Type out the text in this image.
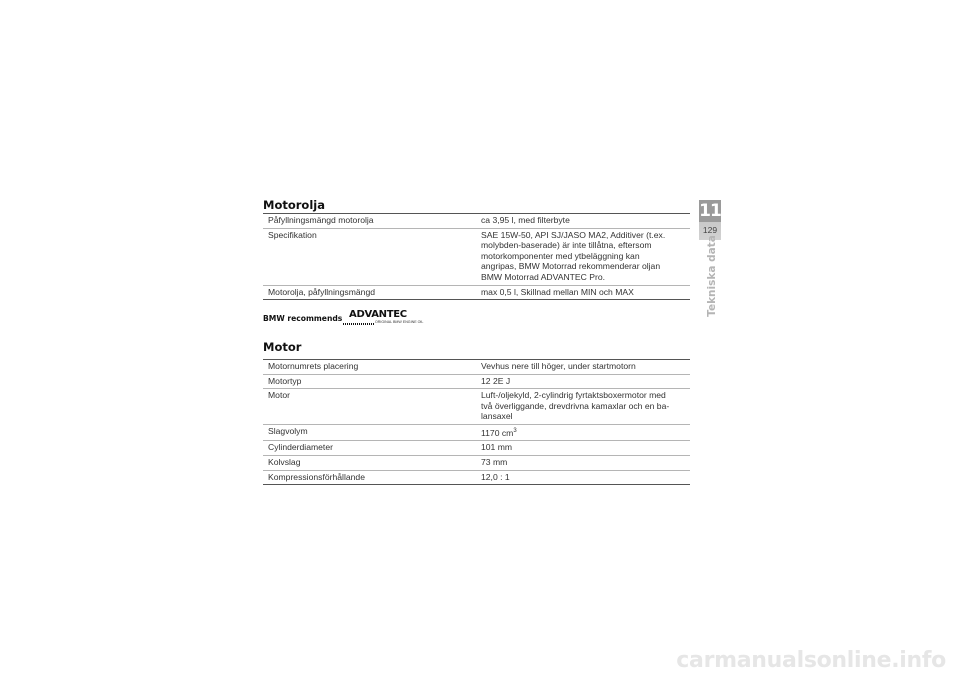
Motorolja
Påfyllningsmängd motorolja	ca 3,95 l, med filterbyte
Specifikation	SAE 15W-50, API SJ/JASO MA2, Additiver (t.ex.
molybden-baserade) är inte tillåtna, eftersom
motorkomponenter med ytbeläggning kan
angripas, BMW Motorrad rekommenderar oljan
BMW Motorrad ADVANTEC Pro.
Motorolja, påfyllningsmängd	max 0,5 l, Skillnad mellan MIN och MAX
BMW recommends ADVANTEC
ORIGINAL BMW ENGINE OIL
Motor
Motornumrets placering	Vevhus nere till höger, under startmotorn
Motortyp	12 2E J
Motor	Luft-/oljekyld, 2-cylindrig fyrtaktsboxermotor med
två överliggande, drevdrivna kamaxlar och en ba-
lansaxel
Slagvolym	1170 $cm^3$
Cylinderdiameter	101 mm
Kolvslag	73 mm
Kompressionsförhållande	12,0 : 1
11
129
Tekniska data
carmanualsonline.info
